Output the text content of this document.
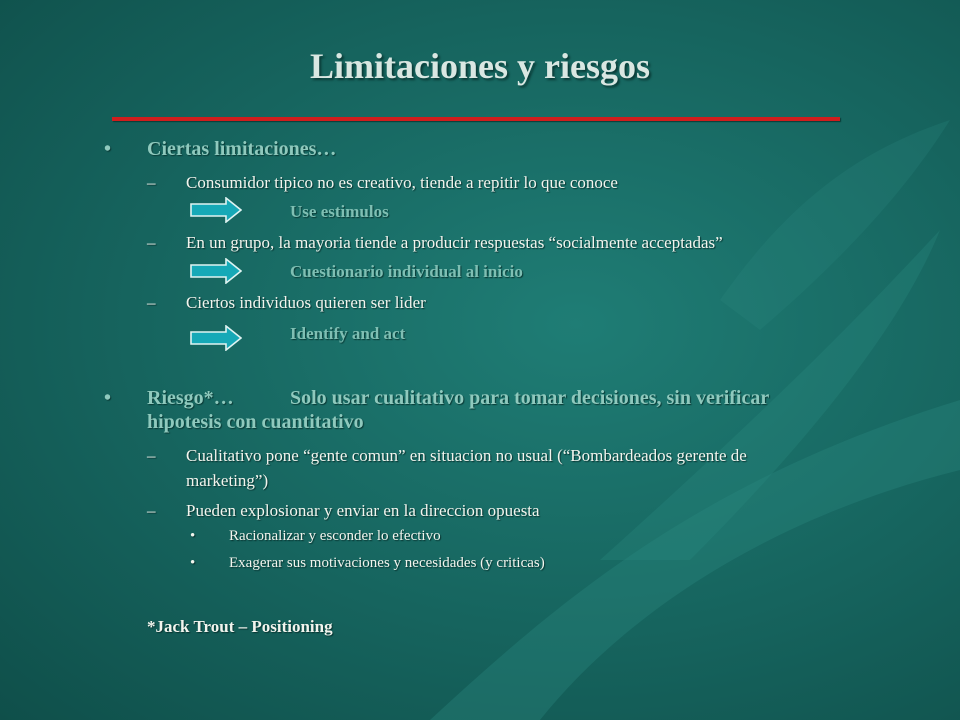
Limitaciones y riesgos
• Ciertas limitaciones…
– Consumidor tipico no es creativo, tiende a repitir lo que conoce
Use estimulos
– En un grupo, la mayoria tiende a producir respuestas “socialmente acceptadas”
Cuestionario individual al inicio
– Ciertos individuos quieren ser lider
Identify and act
• Riesgo*…	Solo usar cualitativo para tomar decisiones, sin verificar
hipotesis con cuantitativo
– Cualitativo pone “gente comun” en situacion no usual (“Bombardeados gerente de
marketing”)
– Pueden explosionar y enviar en la direccion opuesta
• Racionalizar y esconder lo efectivo
• Exagerar sus motivaciones y necesidades (y criticas)
*Jack Trout – Positioning
